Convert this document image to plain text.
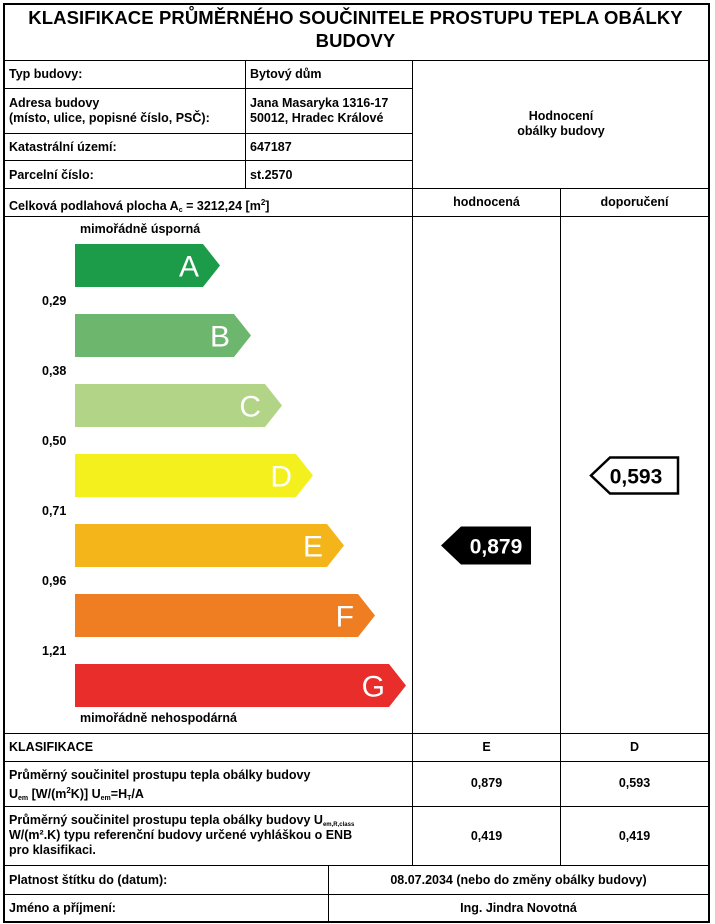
KLASIFIKACE PRŮMĚRNÉHO SOUČINITELE PROSTUPU TEPLA OBÁLKY
BUDOVY
Typ budovy:	Bytový dům
Adresa budovy
(místo, ulice, popisné číslo, PSČ):
Jana Masaryka 1316-17
50012, Hradec Králové
Katastrální území:	647187
Parcelní číslo:	st.2570
Celková podlahová plocha $A_c = 3212,24$ $[m^2]$
Hodnocení
obálky budovy
hodnocená	doporučení
mimořádně úsporná
mimořádně nehospodárná
A
B
C
D
E
F
G
0,29
0,38
0,50
0,71
0,96
1,21
0,879
0,593
KLASIFIKACE	E	D
Průměrný součinitel prostupu tepla obálky budovy
$U_{em}$ $[W/(m^2K)]$ $U_{em}=H_T/A$
0,879	0,593
Průměrný součinitel prostupu tepla obálky budovy $U_{em,R,class}$
W/(m².K) typu referenční budovy určené vyhláškou o ENB
pro klasifikaci.
0,419	0,419
Platnost štítku do (datum):	08.07.2034 (nebo do změny obálky budovy)
Jméno a příjmení:	Ing. Jindra Novotná
